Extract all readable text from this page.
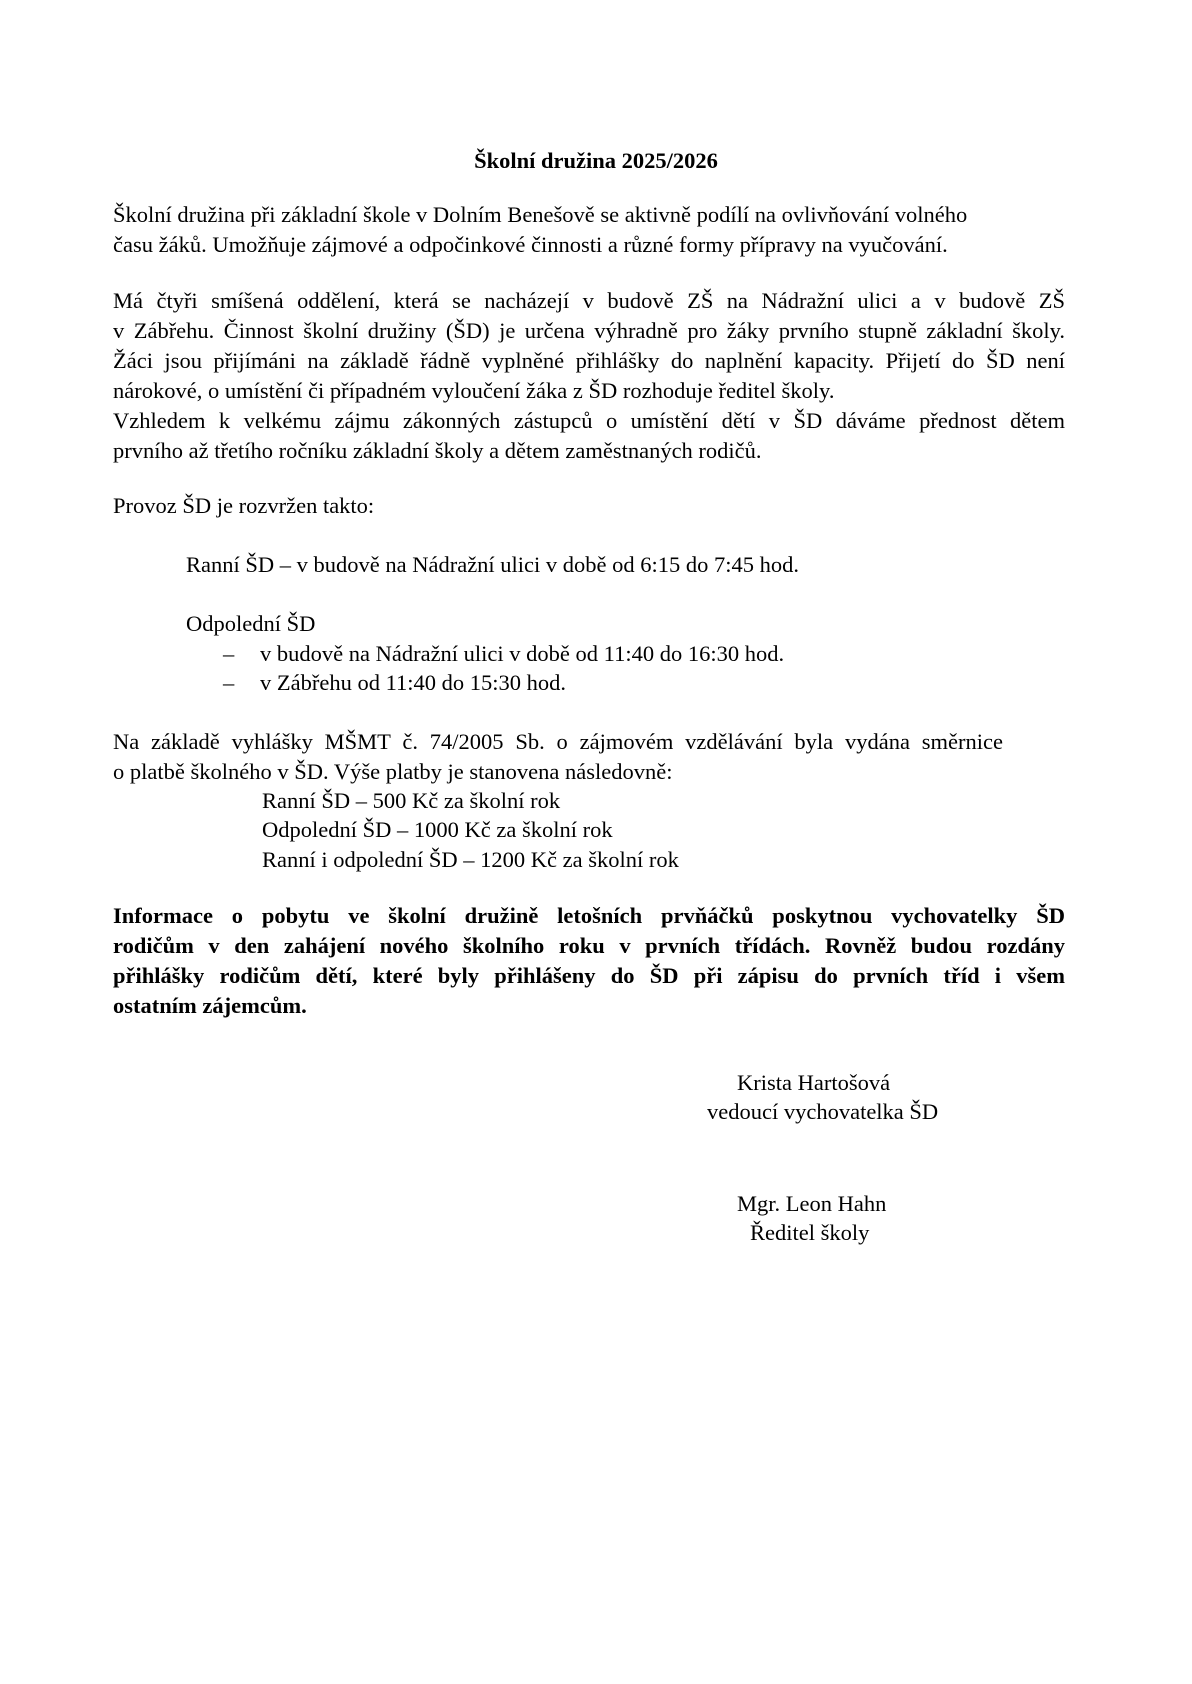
Školní družina 2025/2026
Školní družina při základní škole v Dolním Benešově se aktivně podílí na ovlivňování volného
času žáků. Umožňuje zájmové a odpočinkové činnosti a různé formy přípravy na vyučování.
Má čtyři smíšená oddělení, která se nacházejí v budově ZŠ na Nádražní ulici a v budově ZŠ
v Zábřehu. Činnost školní družiny (ŠD) je určena výhradně pro žáky prvního stupně základní školy.
Žáci jsou přijímáni na základě řádně vyplněné přihlášky do naplnění kapacity. Přijetí do ŠD není
nárokové, o umístění či případném vyloučení žáka z ŠD rozhoduje ředitel školy.
Vzhledem k velkému zájmu zákonných zástupců o umístění dětí v ŠD dáváme přednost dětem
prvního až třetího ročníku základní školy a dětem zaměstnaných rodičů.
Provoz ŠD je rozvržen takto:
Ranní ŠD – v budově na Nádražní ulici v době od 6:15 do 7:45 hod.
Odpolední ŠD
– v budově na Nádražní ulici v době od 11:40 do 16:30 hod.
– v Zábřehu od 11:40 do 15:30 hod.
Na základě vyhlášky MŠMT č. 74/2005 Sb. o zájmovém vzdělávání byla vydána směrnice
o platbě školného v ŠD. Výše platby je stanovena následovně:
Ranní ŠD – 500 Kč za školní rok
Odpolední ŠD – 1000 Kč za školní rok
Ranní i odpolední ŠD – 1200 Kč za školní rok
Informace o pobytu ve školní družině letošních prvňáčků poskytnou vychovatelky ŠD
rodičům v den zahájení nového školního roku v prvních třídách. Rovněž budou rozdány
přihlášky rodičům dětí, které byly přihlášeny do ŠD při zápisu do prvních tříd i všem
ostatním zájemcům.
Krista Hartošová
vedoucí vychovatelka ŠD
Mgr. Leon Hahn
Ředitel školy
